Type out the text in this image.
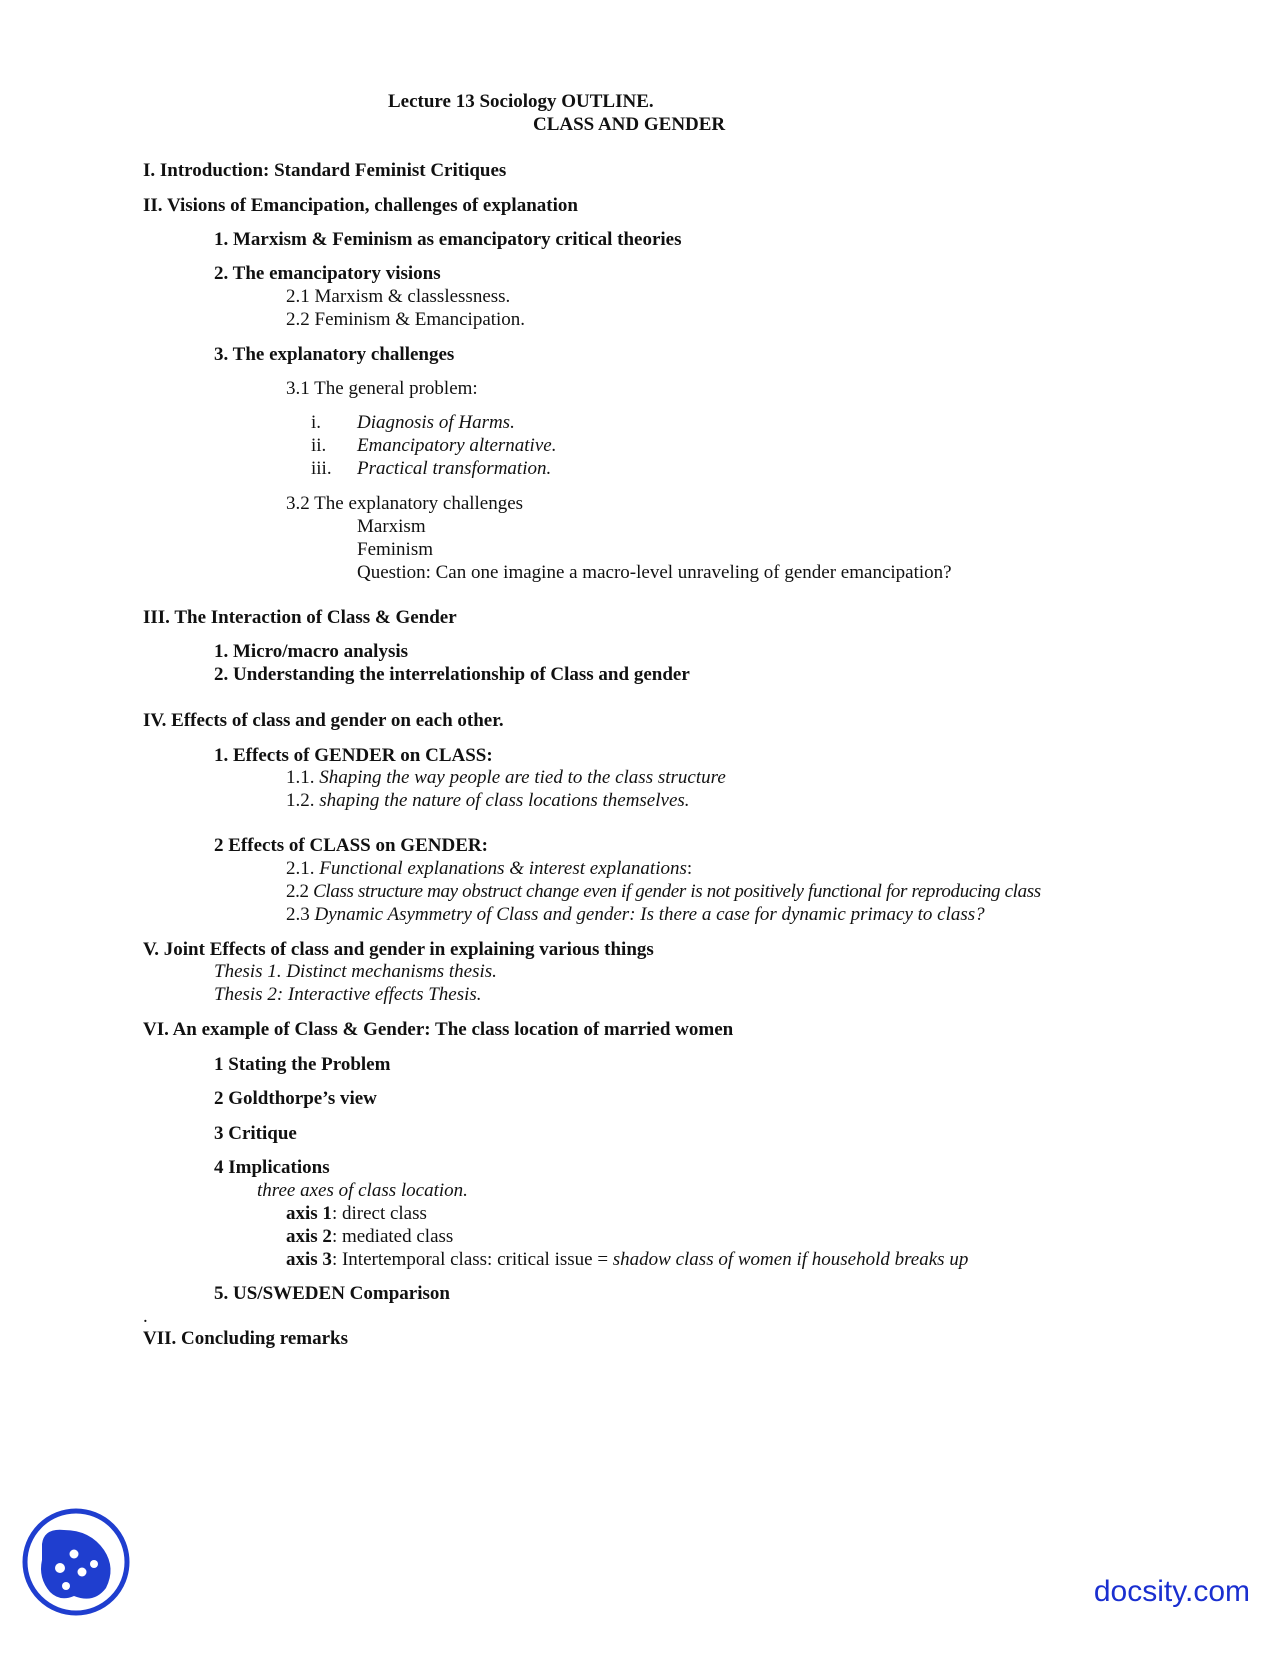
Lecture 13 Sociology OUTLINE.
CLASS AND GENDER
I. Introduction: Standard Feminist Critiques
II. Visions of Emancipation, challenges of explanation
1. Marxism & Feminism as emancipatory critical theories
2. The emancipatory visions
2.1 Marxism & classlessness.
2.2 Feminism & Emancipation.
3. The explanatory challenges
3.1 The general problem:
i. Diagnosis of Harms.
ii. Emancipatory alternative.
iii. Practical transformation.
3.2 The explanatory challenges
Marxism
Feminism
Question: Can one imagine a macro-level unraveling of gender emancipation?
III. The Interaction of Class & Gender
1. Micro/macro analysis
2. Understanding the interrelationship of Class and gender
IV. Effects of class and gender on each other.
1. Effects of GENDER on CLASS:
1.1. Shaping the way people are tied to the class structure
1.2. shaping the nature of class locations themselves.
2 Effects of CLASS on GENDER:
2.1. Functional explanations & interest explanations:
2.2 Class structure may obstruct change even if gender is not positively functional for reproducing class
2.3 Dynamic Asymmetry of Class and gender: Is there a case for dynamic primacy to class?
V. Joint Effects of class and gender in explaining various things
Thesis 1. Distinct mechanisms thesis.
Thesis 2: Interactive effects Thesis.
VI. An example of Class & Gender: The class location of married women
1 Stating the Problem
2 Goldthorpe’s view
3 Critique
4 Implications
three axes of class location.
axis 1: direct class
axis 2: mediated class
axis 3: Intertemporal class: critical issue = shadow class of women if household breaks up
5. US/SWEDEN Comparison
.
VII. Concluding remarks
docsity.com
